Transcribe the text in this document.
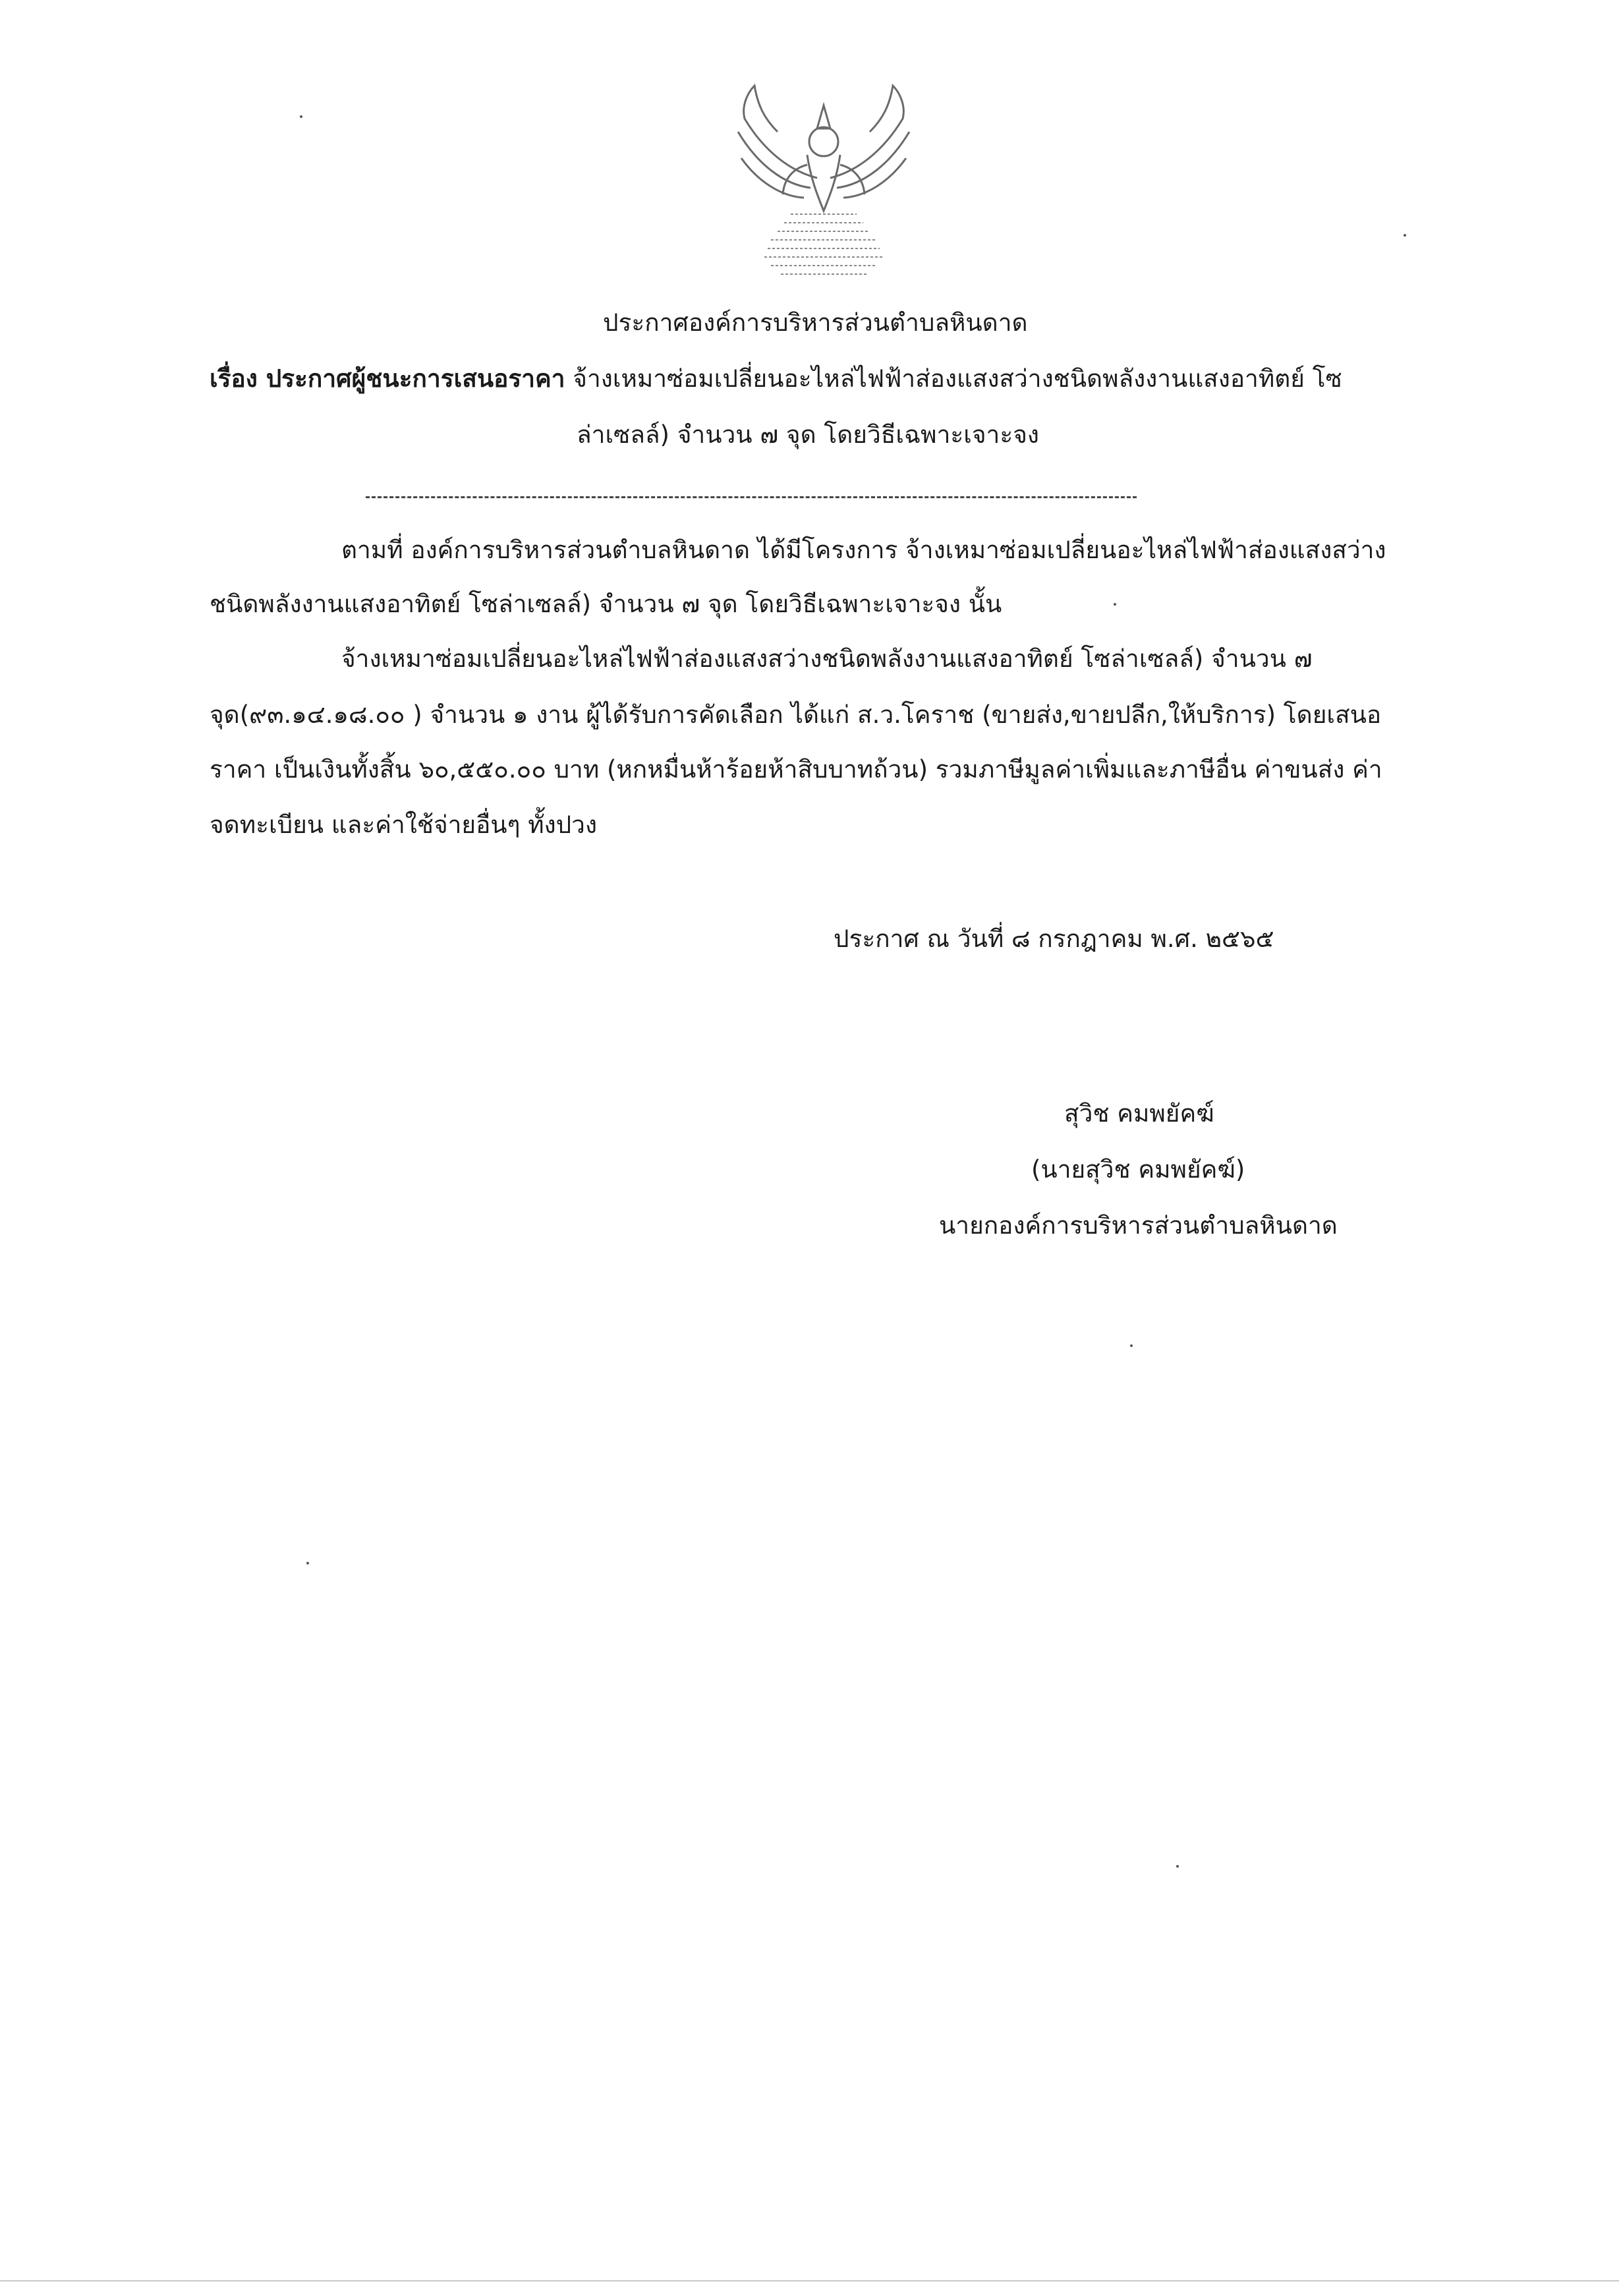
ประกาศองค์การบริหารส่วนตำบลหินดาด
เรื่อง ประกาศผู้ชนะการเสนอราคา จ้างเหมาซ่อมเปลี่ยนอะไหล่ไฟฟ้าส่องแสงสว่างชนิดพลังงานแสงอาทิตย์ โซ
ล่าเซลล์) จำนวน ๗ จุด โดยวิธีเฉพาะเจาะจง
ตามที่ องค์การบริหารส่วนตำบลหินดาด ได้มีโครงการ จ้างเหมาซ่อมเปลี่ยนอะไหล่ไฟฟ้าส่องแสงสว่าง
ชนิดพลังงานแสงอาทิตย์ โซล่าเซลล์) จำนวน ๗ จุด โดยวิธีเฉพาะเจาะจง นั้น
จ้างเหมาซ่อมเปลี่ยนอะไหล่ไฟฟ้าส่องแสงสว่างชนิดพลังงานแสงอาทิตย์ โซล่าเซลล์) จำนวน ๗
จุด(๙๓.๑๔.๑๘.๐๐ ) จำนวน ๑ งาน ผู้ได้รับการคัดเลือก ได้แก่ ส.ว.โคราช (ขายส่ง,ขายปลีก,ให้บริการ) โดยเสนอ
ราคา เป็นเงินทั้งสิ้น ๖๐,๕๕๐.๐๐ บาท (หกหมื่นห้าร้อยห้าสิบบาทถ้วน) รวมภาษีมูลค่าเพิ่มและภาษีอื่น ค่าขนส่ง ค่า
จดทะเบียน และค่าใช้จ่ายอื่นๆ ทั้งปวง
ประกาศ ณ วันที่ ๘ กรกฎาคม พ.ศ. ๒๕๖๕
สุวิช คมพยัคฆ์
(นายสุวิช คมพยัคฆ์)
นายกองค์การบริหารส่วนตำบลหินดาด
